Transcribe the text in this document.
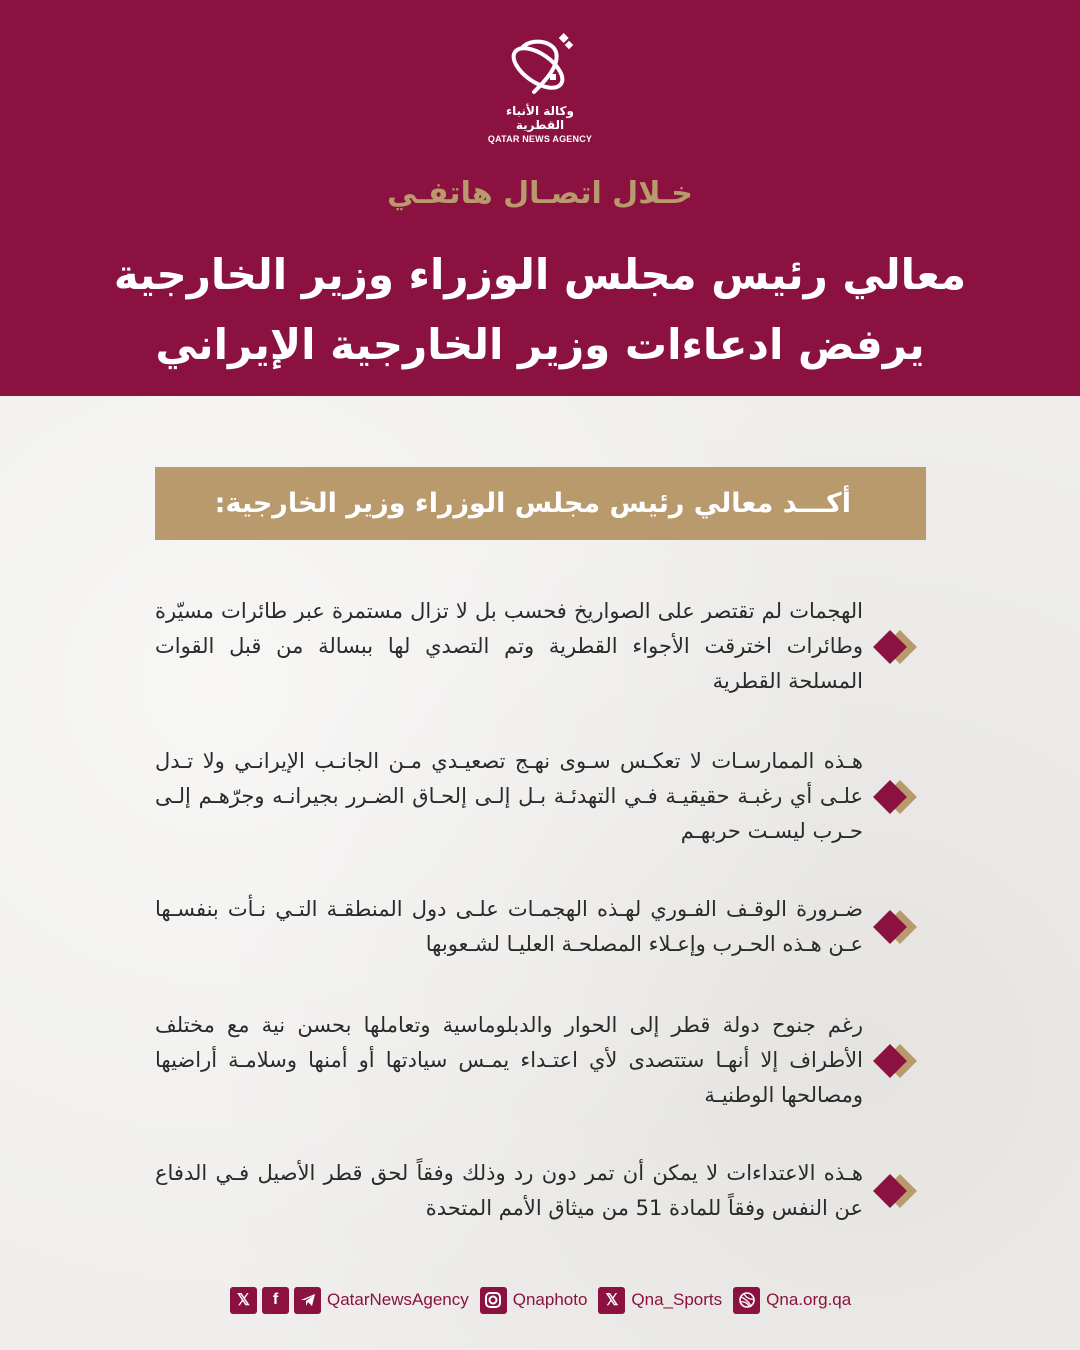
وكالة الأنباء القطرية
QATAR NEWS AGENCY
خـلال اتصـال هاتفـي
معالي رئيس مجلس الوزراء وزير الخارجية
يرفض ادعاءات وزير الخارجية الإيراني
أكـــد معالي رئيس مجلس الوزراء وزير الخارجية:
الهجمات لم تقتصر على الصواريخ فحسب بل لا تزال مستمرة عبر طائرات مسيّرة وطائرات اخترقت الأجواء القطرية وتم التصدي لها ببسالة من قبل القوات المسلحة القطرية
هـذه الممارسـات لا تعكـس سـوى نهـج تصعيـدي مـن الجانـب الإيرانـي ولا تـدل علـى أي رغبـة حقيقيـة فـي التهدئـة بـل إلـى إلحـاق الضـرر بجيرانـه وجرّهـم إلـى حـرب ليسـت حربهـم
ضـرورة الوقـف الفـوري لهـذه الهجمـات علـى دول المنطقـة التـي نـأت بنفسـها عـن هـذه الحـرب وإعـلاء المصلحـة العليـا لشـعوبها
رغم جنوح دولة قطر إلى الحوار والدبلوماسية وتعاملها بحسن نية مع مختلف الأطراف إلا أنهـا ستتصدى لأي اعتـداء يمـس سيادتها أو أمنها وسلامـة أراضيها ومصالحها الوطنيـة
هـذه الاعتداءات لا يمكن أن تمر دون رد وذلك وفقاً لحق قطر الأصيل فـي الدفاع عن النفس وفقاً للمادة 51 من ميثاق الأمم المتحدة
𝕏	f	QatarNewsAgency	Qnaphoto	𝕏 Qna_Sports	Qna.org.qa
